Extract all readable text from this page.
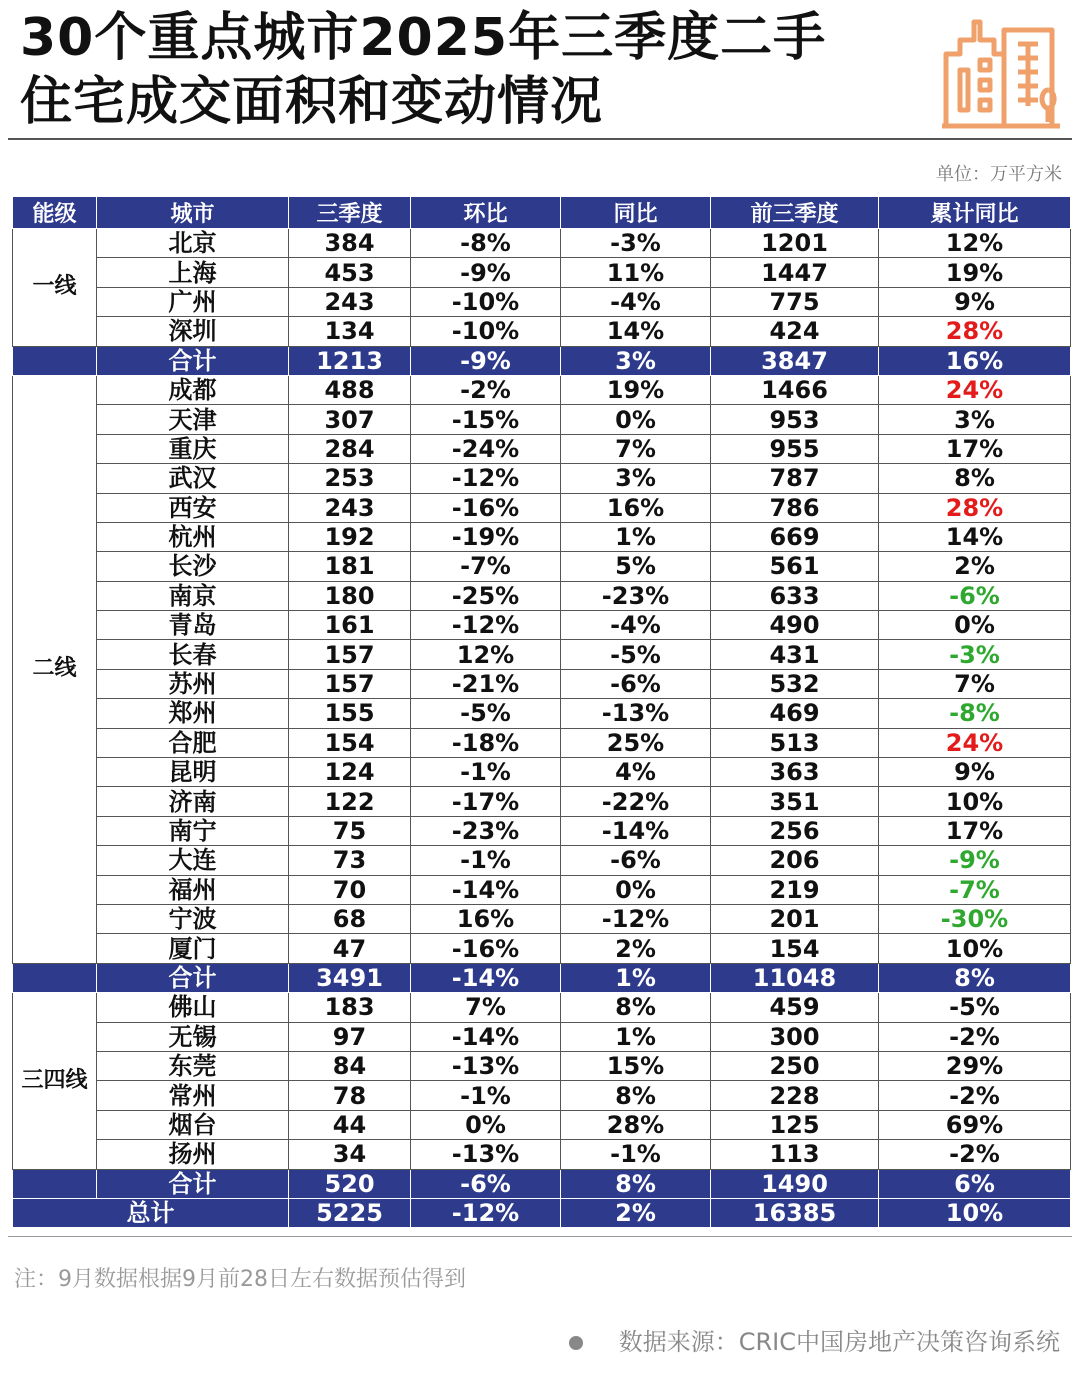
30个重点城市2025年三季度二手
住宅成交面积和变动情况
单位：万平方米
能级	城市	三季度	环比	同比	前三季度	累计同比
一线	北京	384	-8%	-3%	1201	12%
	上海	453	-9%	11%	1447	19%
	广州	243	-10%	-4%	775	9%
	深圳	134	-10%	14%	424	28%
	合计	1213	-9%	3%	3847	16%
二线	成都	488	-2%	19%	1466	24%
	天津	307	-15%	0%	953	3%
	重庆	284	-24%	7%	955	17%
	武汉	253	-12%	3%	787	8%
	西安	243	-16%	16%	786	28%
	杭州	192	-19%	1%	669	14%
	长沙	181	-7%	5%	561	2%
	南京	180	-25%	-23%	633	-6%
	青岛	161	-12%	-4%	490	0%
	长春	157	12%	-5%	431	-3%
	苏州	157	-21%	-6%	532	7%
	郑州	155	-5%	-13%	469	-8%
	合肥	154	-18%	25%	513	24%
	昆明	124	-1%	4%	363	9%
	济南	122	-17%	-22%	351	10%
	南宁	75	-23%	-14%	256	17%
	大连	73	-1%	-6%	206	-9%
	福州	70	-14%	0%	219	-7%
	宁波	68	16%	-12%	201	-30%
	厦门	47	-16%	2%	154	10%
	合计	3491	-14%	1%	11048	8%
三四线	佛山	183	7%	8%	459	-5%
	无锡	97	-14%	1%	300	-2%
	东莞	84	-13%	15%	250	29%
	常州	78	-1%	8%	228	-2%
	烟台	44	0%	28%	125	69%
	扬州	34	-13%	-1%	113	-2%
	合计	520	-6%	8%	1490	6%
总计		5225	-12%	2%	16385	10%
注：9月数据根据9月前28日左右数据预估得到
数据来源：CRIC中国房地产决策咨询系统
